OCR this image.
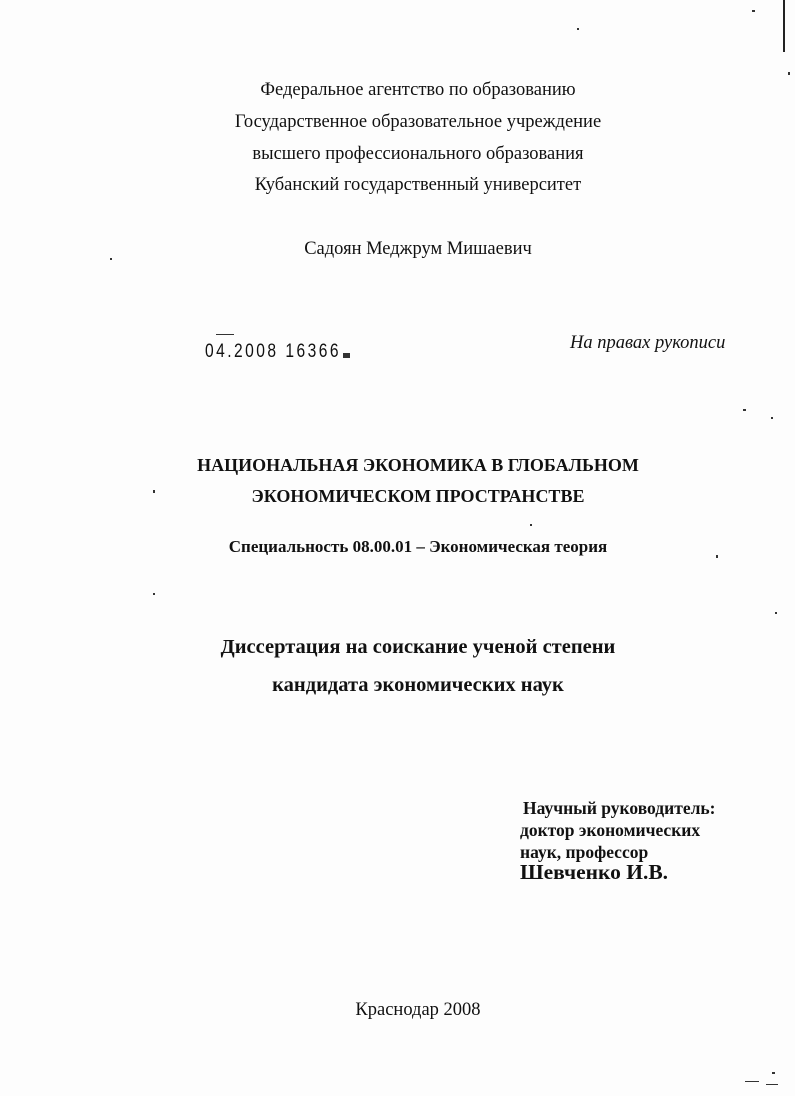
Федеральное агентство по образованию
Государственное образовательное учреждение
высшего профессионального образования
Кубанский государственный университет
Садоян Меджрум Мишаевич
04.2008 16366	На правах рукописи
НАЦИОНАЛЬНАЯ ЭКОНОМИКА В ГЛОБАЛЬНОМ
ЭКОНОМИЧЕСКОМ ПРОСТРАНСТВЕ
Специальность 08.00.01 – Экономическая теория
Диссертация на соискание ученой степени
кандидата экономических наук
Научный руководитель:
доктор экономических
наук, профессор
Шевченко И.В.
Краснодар 2008
